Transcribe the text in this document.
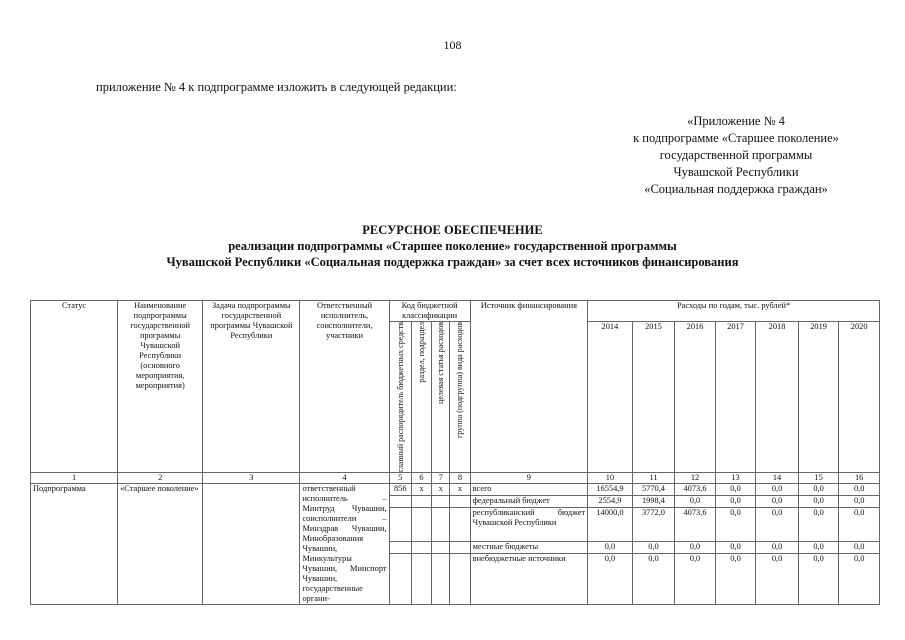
108
приложение № 4 к подпрограмме изложить в следующей редакции:
«Приложение № 4
к подпрограмме «Старшее поколение»
государственной программы
Чувашской Республики
«Социальная поддержка граждан»
РЕСУРСНОЕ ОБЕСПЕЧЕНИЕ
реализации подпрограммы «Старшее поколение» государственной программы
Чувашской Республики «Социальная поддержка граждан» за счет всех источников финансирования
Статус	Наименование подпрограммы государственной программы Чувашской Республики (основного мероприятия, мероприятия)	Задача подпрограммы государственной программы Чувашской Республики	Ответственный исполнитель, соисполнители, участники	Код бюджетной классификации				Источник финансирования	Расходы по годам, тыс. рублей*						

				главный распорядитель бюджетных средств	раздел, подраздел	целевая статья расходов	группа (подгруппа) вида расходов		2014	2015	2016	2017	2018	2019	2020
1	2	3	4	5	6	7	8	9	10	11	12	13	14	15	16
Подпрограмма	«Старшее поколение»		ответственный исполнитель – Минтруд Чувашии, соисполнители – Минздрав Чувашии, Минобразования Чувашии, Минкультуры Чувашии, Минспорт Чувашии, государственные органи-	856	x	x	x	всего	16554,9	5770,4	4073,6	0,0	0,0	0,0	0,0
								федеральный бюджет	2554,9	1998,4	0,0	0,0	0,0	0,0	0,0
								республиканский бюджет Чувашской Республики	14000,0	3772,0	4073,6	0,0	0,0	0,0	0,0
								местные бюджеты	0,0	0,0	0,0	0,0	0,0	0,0	0,0
								внебюджетные источники	0,0	0,0	0,0	0,0	0,0	0,0	0,0
